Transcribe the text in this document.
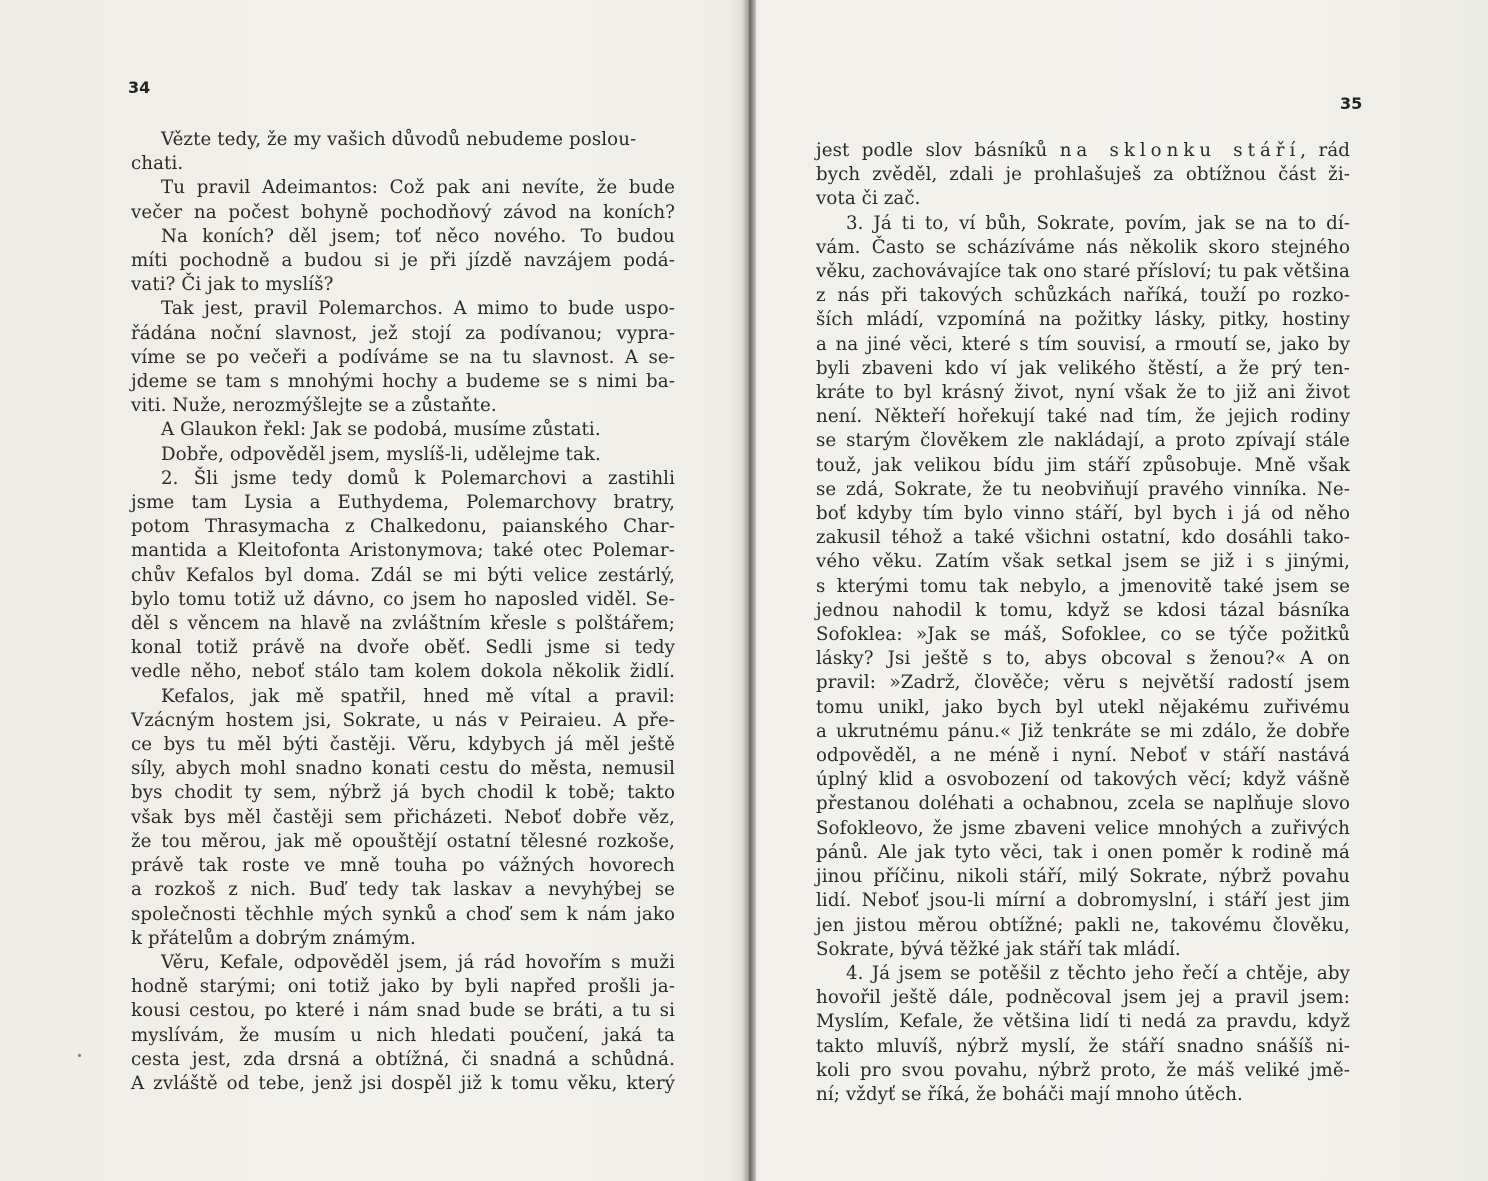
34
Vězte tedy, že my vašich důvodů nebudeme poslou-
chati.
Tu pravil Adeimantos: Což pak ani nevíte, že bude
večer na počest bohyně pochodňový závod na koních?
Na koních? děl jsem; toť něco nového. To budou
míti pochodně a budou si je při jízdě navzájem podá-
vati? Či jak to myslíš?
Tak jest, pravil Polemarchos. A mimo to bude uspo-
řádána noční slavnost, jež stojí za podívanou; vypra-
víme se po večeři a podíváme se na tu slavnost. A se-
jdeme se tam s mnohými hochy a budeme se s nimi ba-
viti. Nuže, nerozmýšlejte se a zůstaňte.
A Glaukon řekl: Jak se podobá, musíme zůstati.
Dobře, odpověděl jsem, myslíš-li, udělejme tak.
2. Šli jsme tedy domů k Polemarchovi a zastihli
jsme tam Lysia a Euthydema, Polemarchovy bratry,
potom Thrasymacha z Chalkedonu, paianského Char-
mantida a Kleitofonta Aristonymova; také otec Polemar-
chův Kefalos byl doma. Zdál se mi býti velice zestárlý,
bylo tomu totiž už dávno, co jsem ho naposled viděl. Se-
děl s věncem na hlavě na zvláštním křesle s polštářem;
konal totiž právě na dvoře oběť. Sedli jsme si tedy
vedle něho, neboť stálo tam kolem dokola několik židlí.
Kefalos, jak mě spatřil, hned mě vítal a pravil:
Vzácným hostem jsi, Sokrate, u nás v Peiraieu. A pře-
ce bys tu měl býti častěji. Věru, kdybych já měl ještě
síly, abych mohl snadno konati cestu do města, nemusil
bys chodit ty sem, nýbrž já bych chodil k tobě; takto
však bys měl častěji sem přicházeti. Neboť dobře věz,
že tou měrou, jak mě opouštějí ostatní tělesné rozkoše,
právě tak roste ve mně touha po vážných hovorech
a rozkoš z nich. Buď tedy tak laskav a nevyhýbej se
společnosti těchhle mých synků a choď sem k nám jako
k přátelům a dobrým známým.
Věru, Kefale, odpověděl jsem, já rád hovořím s muži
hodně starými; oni totiž jako by byli napřed prošli ja-
kousi cestou, po které i nám snad bude se bráti, a tu si
myslívám, že musím u nich hledati poučení, jaká ta
cesta jest, zda drsná a obtížná, či snadná a schůdná.
A zvláště od tebe, jenž jsi dospěl již k tomu věku, který
35
jest podle slov básníků na sklonku stáří, rád
bych zvěděl, zdali je prohlašuješ za obtížnou část ži-
vota či zač.
3. Já ti to, ví bůh, Sokrate, povím, jak se na to dí-
vám. Často se scházíváme nás několik skoro stejného
věku, zachovávajíce tak ono staré přísloví; tu pak většina
z nás při takových schůzkách naříká, touží po rozko-
ších mládí, vzpomíná na požitky lásky, pitky, hostiny
a na jiné věci, které s tím souvisí, a rmoutí se, jako by
byli zbaveni kdo ví jak velikého štěstí, a že prý ten-
kráte to byl krásný život, nyní však že to již ani život
není. Někteří hořekují také nad tím, že jejich rodiny
se starým člověkem zle nakládají, a proto zpívají stále
touž, jak velikou bídu jim stáří způsobuje. Mně však
se zdá, Sokrate, že tu neobviňují pravého vinníka. Ne-
boť kdyby tím bylo vinno stáří, byl bych i já od něho
zakusil téhož a také všichni ostatní, kdo dosáhli tako-
vého věku. Zatím však setkal jsem se již i s jinými,
s kterými tomu tak nebylo, a jmenovitě také jsem se
jednou nahodil k tomu, když se kdosi tázal básníka
Sofoklea: »Jak se máš, Sofoklee, co se týče požitků
lásky? Jsi ještě s to, abys obcoval s ženou?« A on
pravil: »Zadrž, člověče; věru s největší radostí jsem
tomu unikl, jako bych byl utekl nějakému zuřivému
a ukrutnému pánu.« Již tenkráte se mi zdálo, že dobře
odpověděl, a ne méně i nyní. Neboť v stáří nastává
úplný klid a osvobození od takových věcí; když vášně
přestanou doléhati a ochabnou, zcela se naplňuje slovo
Sofokleovo, že jsme zbaveni velice mnohých a zuřivých
pánů. Ale jak tyto věci, tak i onen poměr k rodině má
jinou příčinu, nikoli stáří, milý Sokrate, nýbrž povahu
lidí. Neboť jsou-li mírní a dobromyslní, i stáří jest jim
jen jistou měrou obtížné; pakli ne, takovému člověku,
Sokrate, bývá těžké jak stáří tak mládí.
4. Já jsem se potěšil z těchto jeho řečí a chtěje, aby
hovořil ještě dále, podněcoval jsem jej a pravil jsem:
Myslím, Kefale, že většina lidí ti nedá za pravdu, když
takto mluvíš, nýbrž myslí, že stáří snadno snášíš ni-
koli pro svou povahu, nýbrž proto, že máš veliké jmě-
ní; vždyť se říká, že boháči mají mnoho útěch.
